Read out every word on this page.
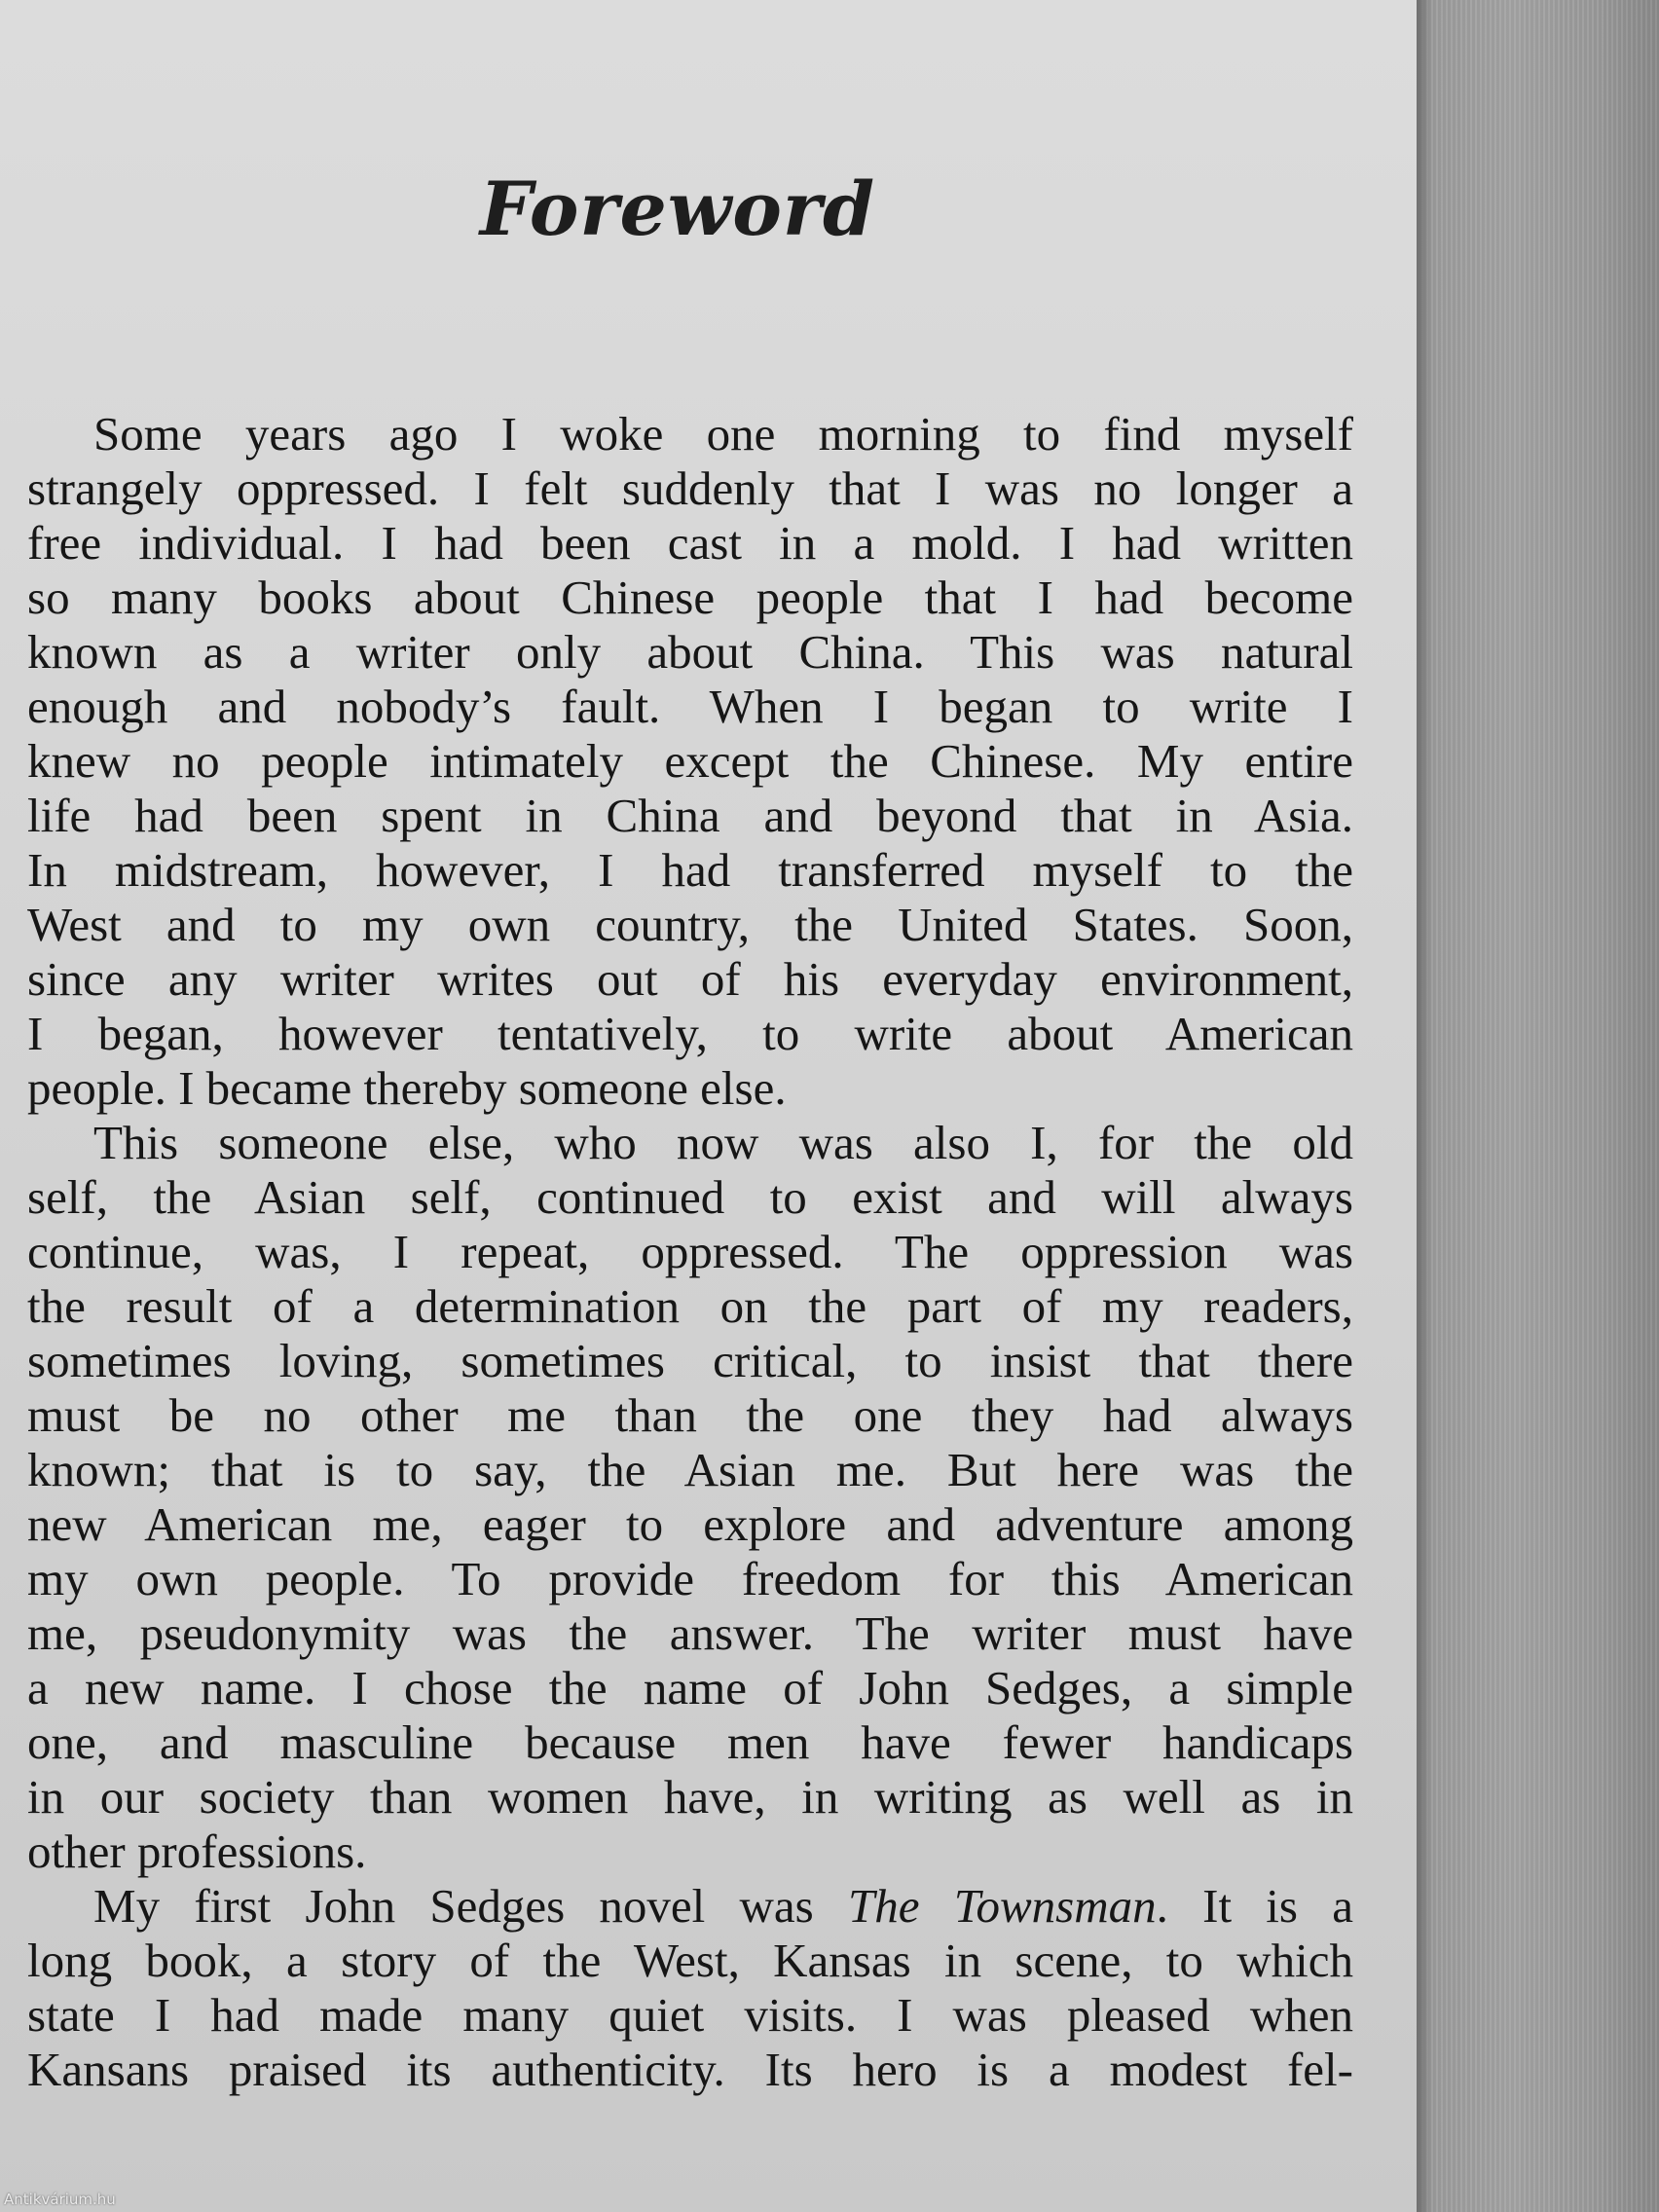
Foreword
Some years ago I woke one morning to find myself
strangely oppressed. I felt suddenly that I was no longer a
free individual. I had been cast in a mold. I had written
so many books about Chinese people that I had become
known as a writer only about China. This was natural
enough and nobody’s fault. When I began to write I
knew no people intimately except the Chinese. My entire
life had been spent in China and beyond that in Asia.
In midstream, however, I had transferred myself to the
West and to my own country, the United States. Soon,
since any writer writes out of his everyday environment,
I began, however tentatively, to write about American
people. I became thereby someone else.
This someone else, who now was also I, for the old
self, the Asian self, continued to exist and will always
continue, was, I repeat, oppressed. The oppression was
the result of a determination on the part of my readers,
sometimes loving, sometimes critical, to insist that there
must be no other me than the one they had always
known; that is to say, the Asian me. But here was the
new American me, eager to explore and adventure among
my own people. To provide freedom for this American
me, pseudonymity was the answer. The writer must have
a new name. I chose the name of John Sedges, a simple
one, and masculine because men have fewer handicaps
in our society than women have, in writing as well as in
other professions.
My first John Sedges novel was The Townsman. It is a
long book, a story of the West, Kansas in scene, to which
state I had made many quiet visits. I was pleased when
Kansans praised its authenticity. Its hero is a modest fel-
Antikvárium.hu
